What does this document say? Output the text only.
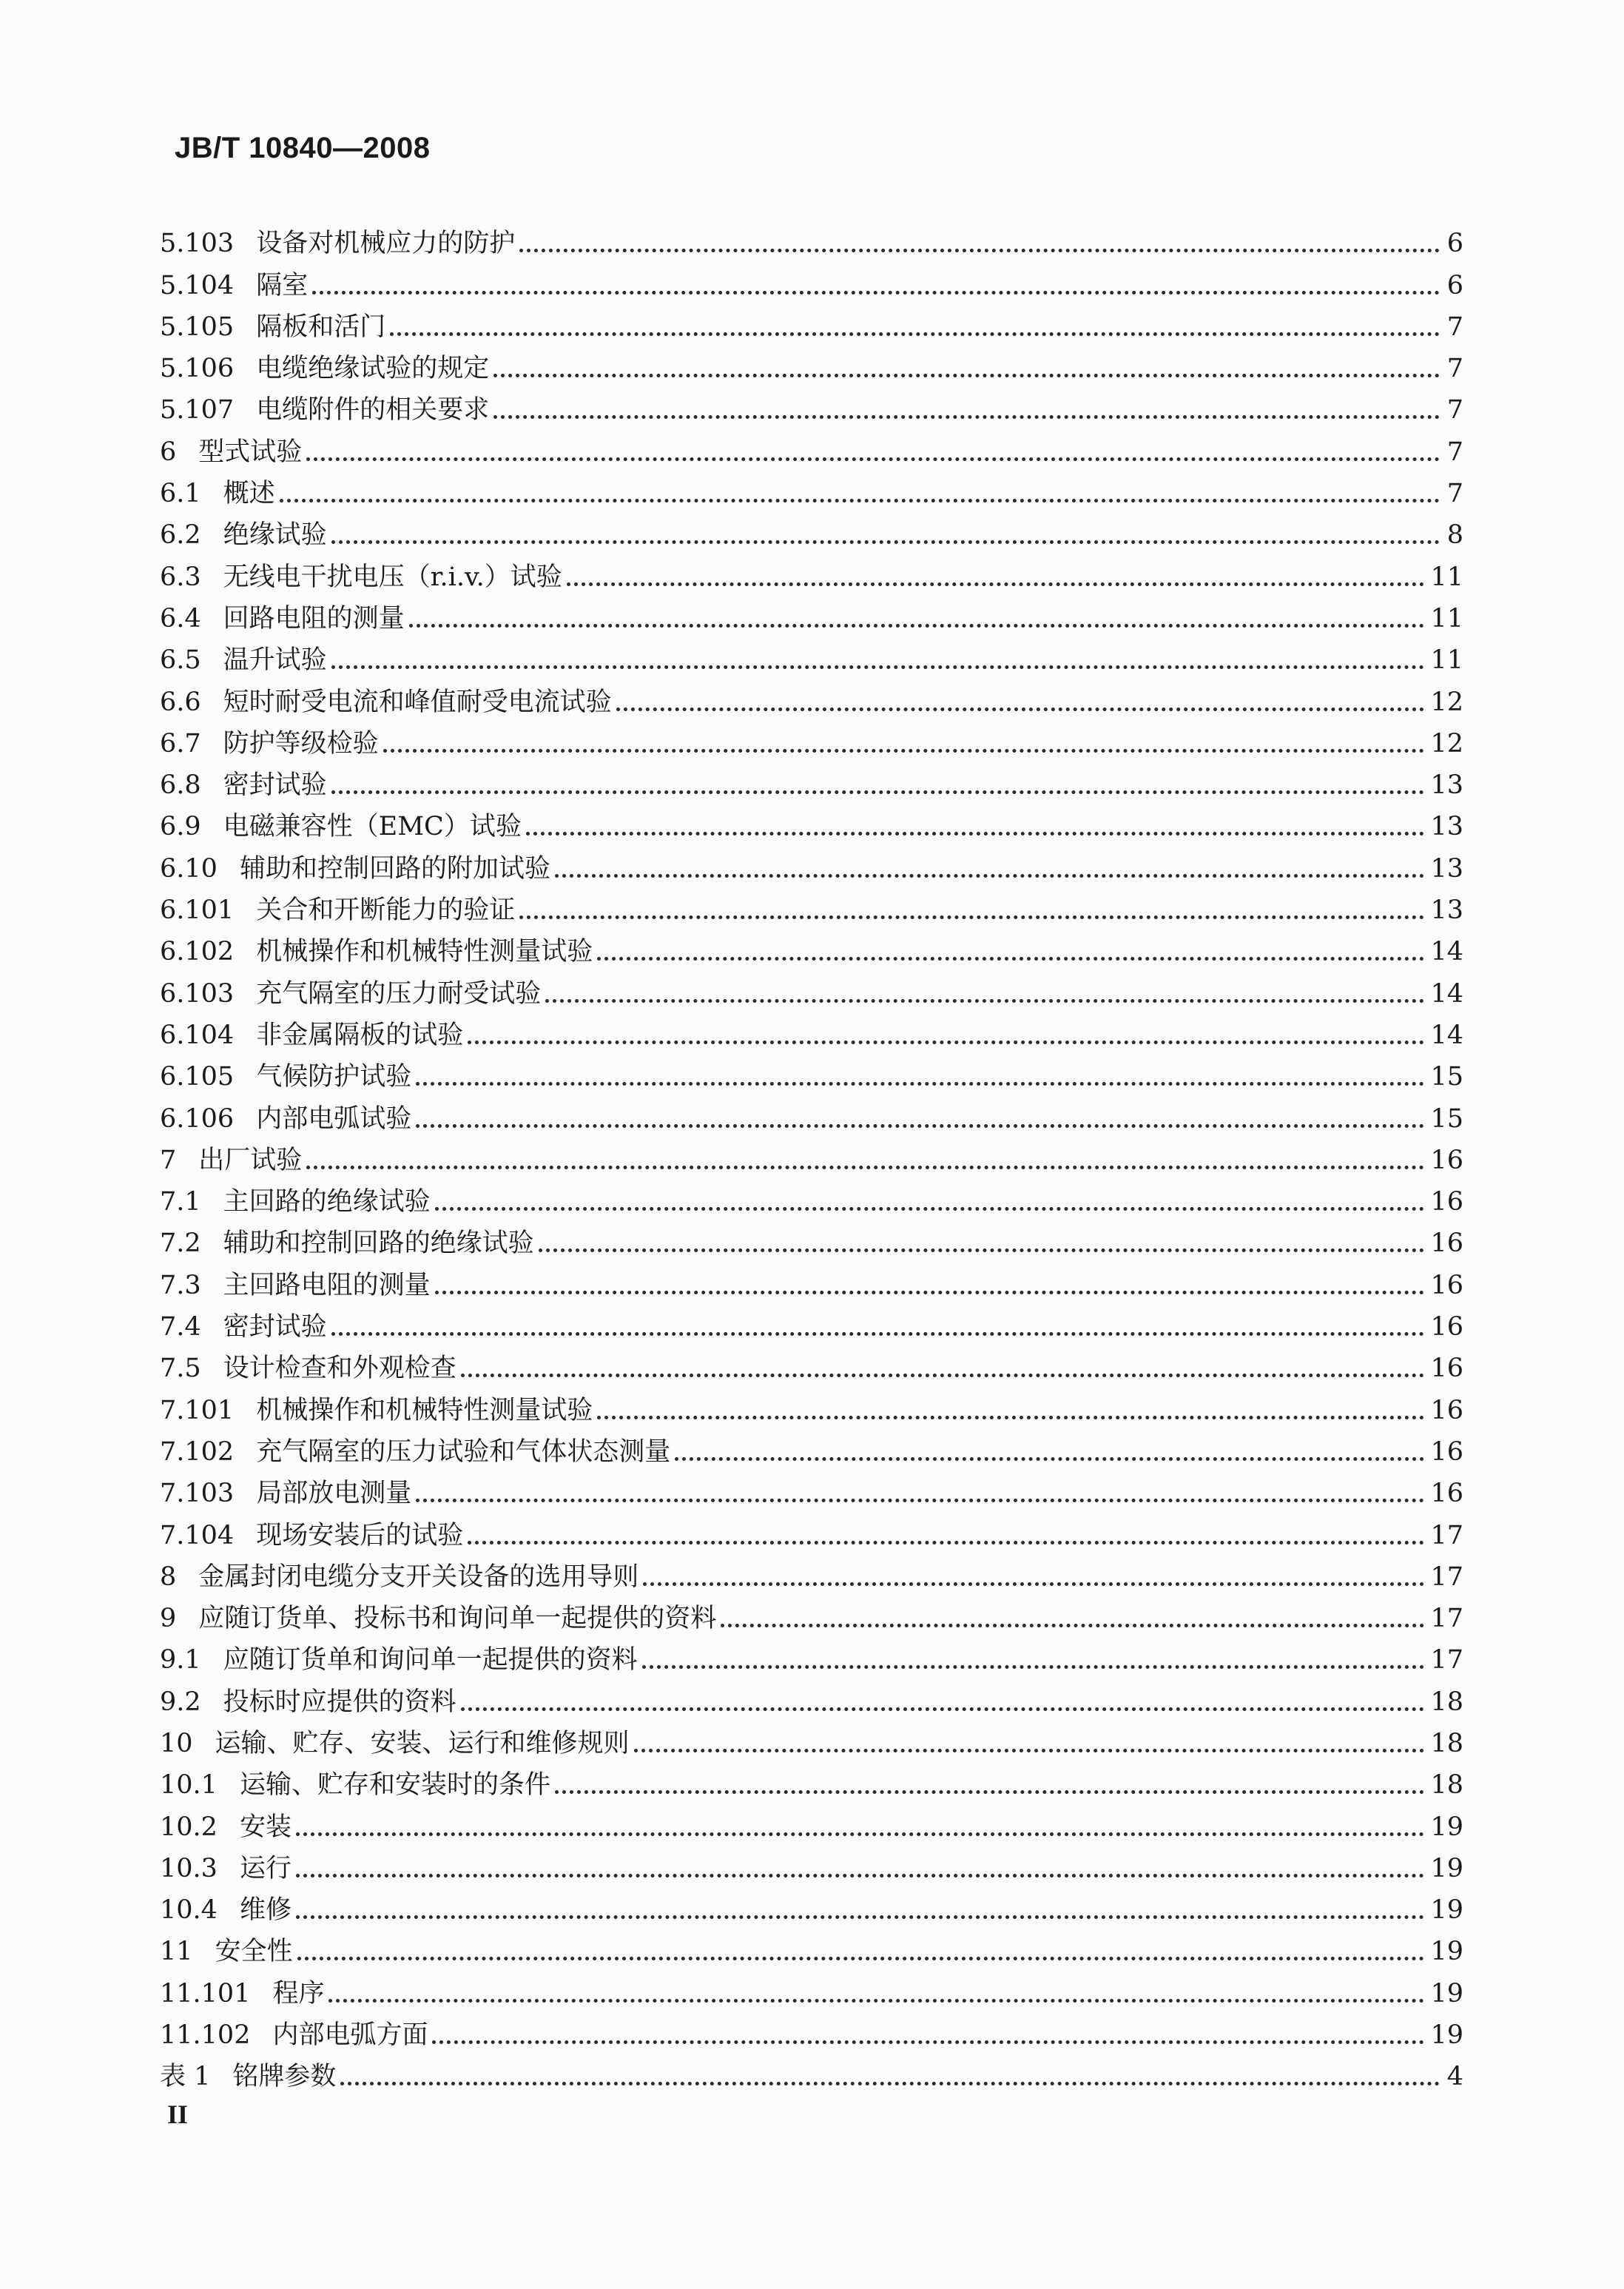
JB/T 10840—2008
5.103 设备对机械应力的防护	6
5.104 隔室	6
5.105 隔板和活门	7
5.106 电缆绝缘试验的规定	7
5.107 电缆附件的相关要求	7
6 型式试验	7
6.1 概述	7
6.2 绝缘试验	8
6.3 无线电干扰电压（r.i.v.）试验	11
6.4 回路电阻的测量	11
6.5 温升试验	11
6.6 短时耐受电流和峰值耐受电流试验	12
6.7 防护等级检验	12
6.8 密封试验	13
6.9 电磁兼容性（EMC）试验	13
6.10 辅助和控制回路的附加试验	13
6.101 关合和开断能力的验证	13
6.102 机械操作和机械特性测量试验	14
6.103 充气隔室的压力耐受试验	14
6.104 非金属隔板的试验	14
6.105 气候防护试验	15
6.106 内部电弧试验	15
7 出厂试验	16
7.1 主回路的绝缘试验	16
7.2 辅助和控制回路的绝缘试验	16
7.3 主回路电阻的测量	16
7.4 密封试验	16
7.5 设计检查和外观检查	16
7.101 机械操作和机械特性测量试验	16
7.102 充气隔室的压力试验和气体状态测量	16
7.103 局部放电测量	16
7.104 现场安装后的试验	17
8 金属封闭电缆分支开关设备的选用导则	17
9 应随订货单、投标书和询问单一起提供的资料	17
9.1 应随订货单和询问单一起提供的资料	17
9.2 投标时应提供的资料	18
10 运输、贮存、安装、运行和维修规则	18
10.1 运输、贮存和安装时的条件	18
10.2 安装	19
10.3 运行	19
10.4 维修	19
11 安全性	19
11.101 程序	19
11.102 内部电弧方面	19
表 1 铭牌参数	4
II
